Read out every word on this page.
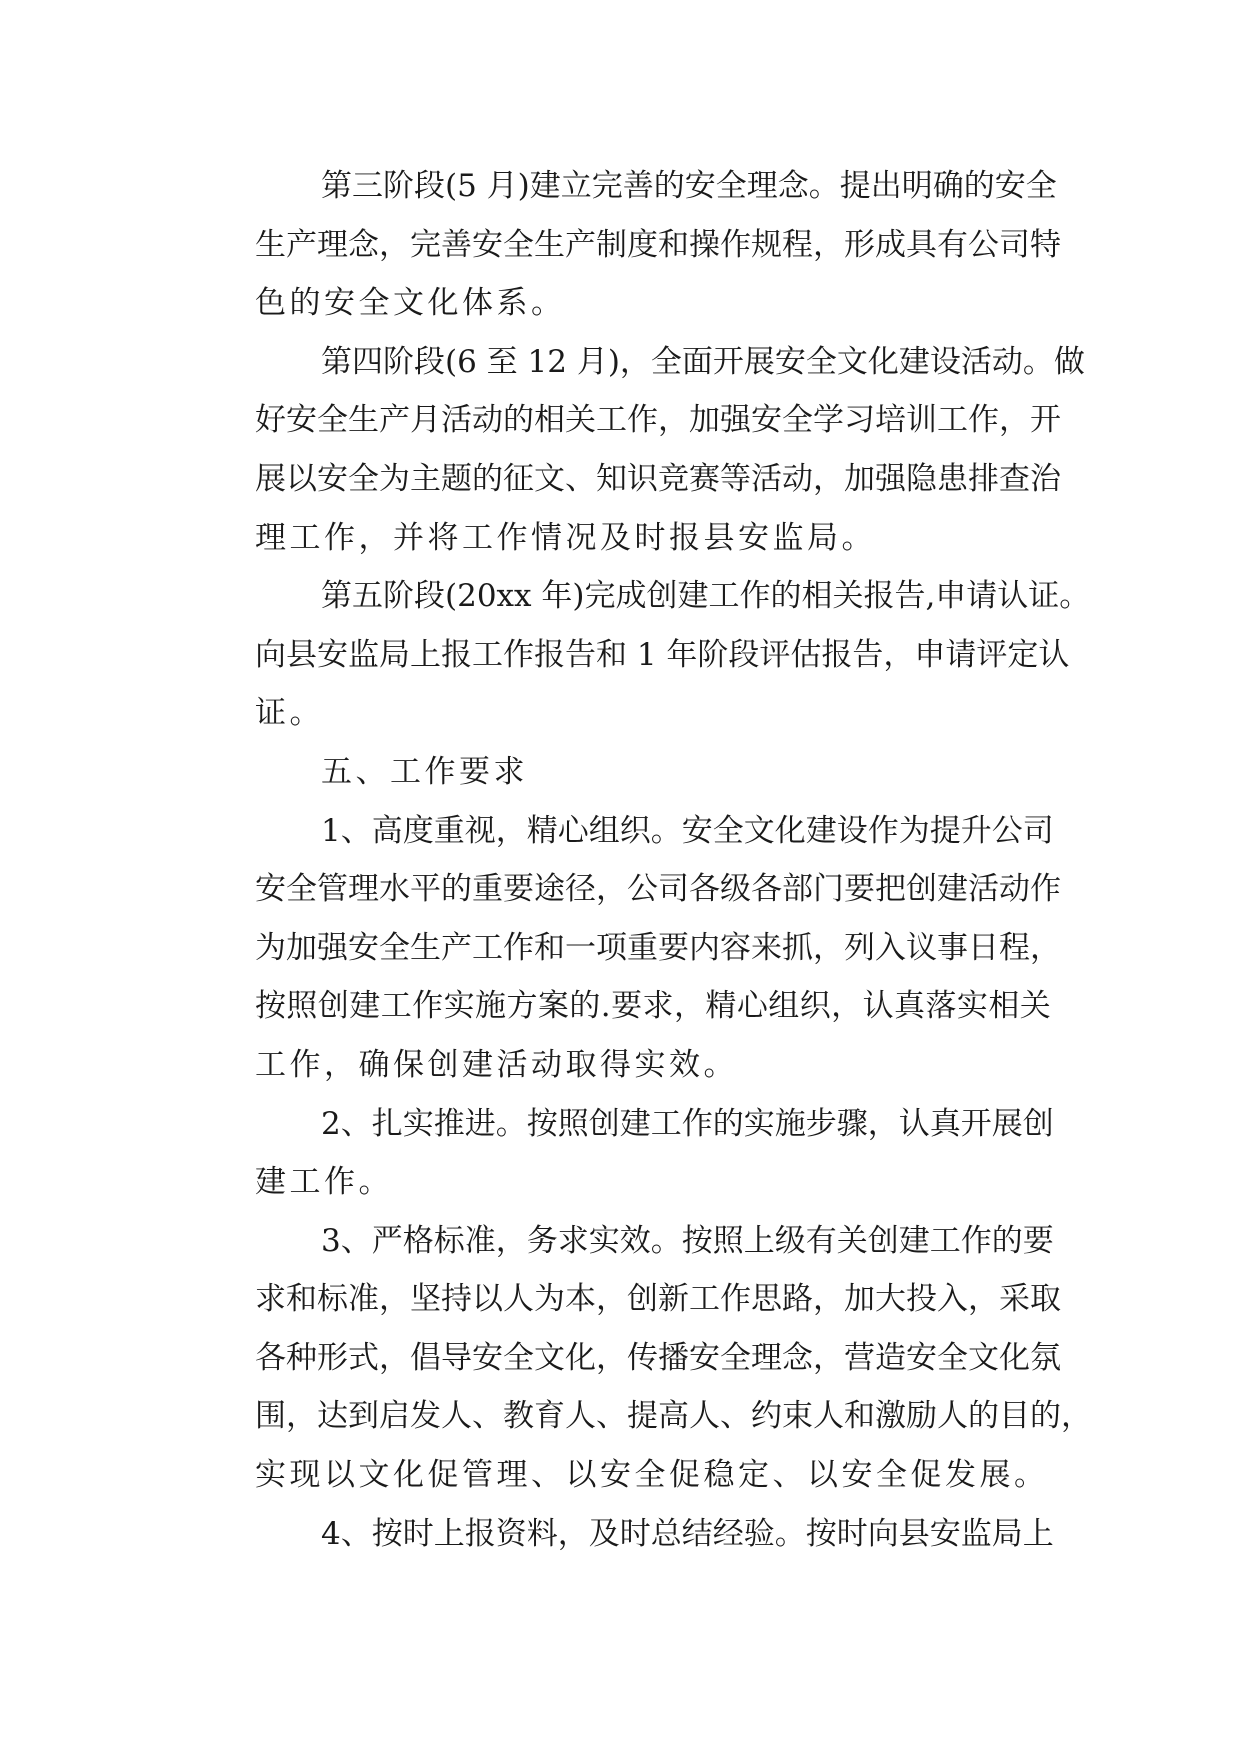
第三阶段(5 月)建立完善的安全理念。提出明确的安全
生产理念，完善安全生产制度和操作规程，形成具有公司特
色的安全文化体系。
第四阶段(6 至 12 月)，全面开展安全文化建设活动。做
好安全生产月活动的相关工作，加强安全学习培训工作，开
展以安全为主题的征文、知识竞赛等活动，加强隐患排查治
理工作，并将工作情况及时报县安监局。
第五阶段(20xx 年)完成创建工作的相关报告,申请认证。
向县安监局上报工作报告和 1 年阶段评估报告，申请评定认
证。
五、工作要求
1、高度重视，精心组织。安全文化建设作为提升公司
安全管理水平的重要途径，公司各级各部门要把创建活动作
为加强安全生产工作和一项重要内容来抓，列入议事日程，
按照创建工作实施方案的.要求，精心组织，认真落实相关
工作，确保创建活动取得实效。
2、扎实推进。按照创建工作的实施步骤，认真开展创
建工作。
3、严格标准，务求实效。按照上级有关创建工作的要
求和标准，坚持以人为本，创新工作思路，加大投入，采取
各种形式，倡导安全文化，传播安全理念，营造安全文化氛
围，达到启发人、教育人、提高人、约束人和激励人的目的，
实现以文化促管理、以安全促稳定、以安全促发展。
4、按时上报资料，及时总结经验。按时向县安监局上
